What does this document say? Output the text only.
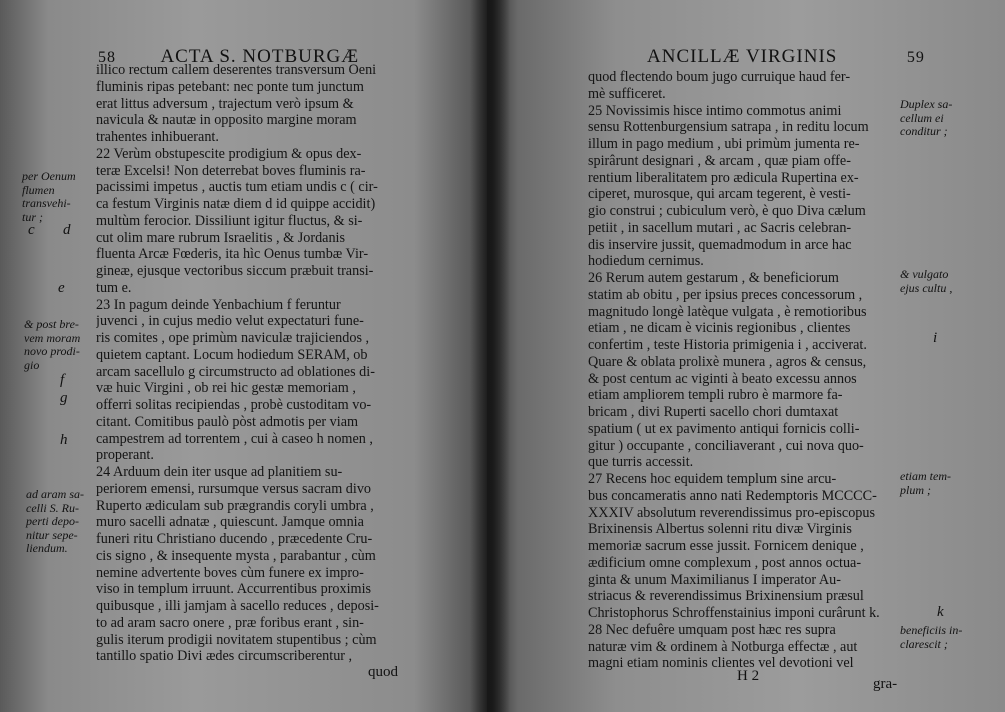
58 ACTA S. NOTBURGÆ
illico rectum callem deserentes transversum Oeni
fluminis ripas petebant: nec ponte tum junctum
erat littus adversum , trajectum verò ipsum &
navicula & nautæ in opposito margine moram
trahentes inhibuerant.
22 Verùm obstupescite prodigium & opus dex-
teræ Excelsi! Non deterrebat boves fluminis ra-
pacissimi impetus , auctis tum etiam undis c ( cir-
ca festum Virginis natæ diem d id quippe accidit)
multùm ferocior. Dissiliunt igitur fluctus, & si-
cut olim mare rubrum Israelitis , & Jordanis
fluenta Arcæ Fœderis, ita hìc Oenus tumbæ Vir-
gineæ, ejusque vectoribus siccum præbuit transi-
tum e.
23 In pagum deinde Yenbachium f feruntur
juvenci , in cujus medio velut expectaturi fune-
ris comites , ope primùm naviculæ trajiciendos ,
quietem captant. Locum hodiedum SERAM, ob
arcam sacellulo g circumstructo ad oblationes di-
væ huic Virgini , ob rei hic gestæ memoriam ,
offerri solitas recipiendas , probè custoditam vo-
citant. Comitibus paulò pòst admotis per viam
campestrem ad torrentem , cui à caseo h nomen ,
properant.
24 Arduum dein iter usque ad planitiem su-
periorem emensi, rursumque versus sacram divo
Ruperto ædiculam sub prægrandis coryli umbra ,
muro sacelli adnatæ , quiescunt. Jamque omnia
funeri ritu Christiano ducendo , præcedente Cru-
cis signo , & insequente mysta , parabantur , cùm
nemine advertente boves cùm funere ex impro-
viso in templum irruunt. Accurrentibus proximis
quibusque , illi jamjam à sacello reduces , deposi-
to ad aram sacro onere , præ foribus erant , sin-
gulis iterum prodigii novitatem stupentibus ; cùm
tantillo spatio Divi ædes circumscriberentur ,
quod
per Oenum
flumen
transvehi-
tur ;
& post bre-
vem moram
novo prodi-
gio
ad aram sa-
celli S. Ru-
perti depo-
nitur sepe-
liendum.
c d
e
f
g
h
ANCILLÆ VIRGINIS	59
quod flectendo boum jugo curruique haud fer-
mè sufficeret.
25 Novissimis hisce intimo commotus animi
sensu Rottenburgensium satrapa , in reditu locum
illum in pago medium , ubi primùm jumenta re-
spirârunt designari , & arcam , quæ piam offe-
rentium liberalitatem pro ædicula Rupertina ex-
ciperet, murosque, qui arcam tegerent, è vesti-
gio construi ; cubiculum verò, è quo Diva cælum
petiit , in sacellum mutari , ac Sacris celebran-
dis inservire jussit, quemadmodum in arce hac
hodiedum cernimus.
26 Rerum autem gestarum , & beneficiorum
statim ab obitu , per ipsius preces concessorum ,
magnitudo longè latèque vulgata , è remotioribus
etiam , ne dicam è vicinis regionibus , clientes
confertim , teste Historia primigenia i , acciverat.
Quare & oblata prolixè munera , agros & census,
& post centum ac viginti à beato excessu annos
etiam ampliorem templi rubro è marmore fa-
bricam , divi Ruperti sacello chori dumtaxat
spatium ( ut ex pavimento antiqui fornicis colli-
gitur ) occupante , conciliaverant , cui nova quo-
que turris accessit.
27 Recens hoc equidem templum sine arcu-
bus concameratis anno nati Redemptoris MCCCC-
XXXIV absolutum reverendissimus pro-episcopus
Brixinensis Albertus solenni ritu divæ Virginis
memoriæ sacrum esse jussit. Fornicem denique ,
ædificium omne complexum , post annos octua-
ginta & unum Maximilianus I imperator Au-
striacus & reverendissimus Brixinensium præsul
Christophorus Schroffenstainius imponi curârunt k.
28 Nec defuêre umquam post hæc res supra
naturæ vim & ordinem à Notburga effectæ , aut
magni etiam nominis clientes vel devotioni vel
H 2	gra-
Duplex sa-
cellum ei
conditur ;
& vulgato
ejus cultu ,
etiam tem-
plum ;
beneficiis in-
clarescit ;
i
k
